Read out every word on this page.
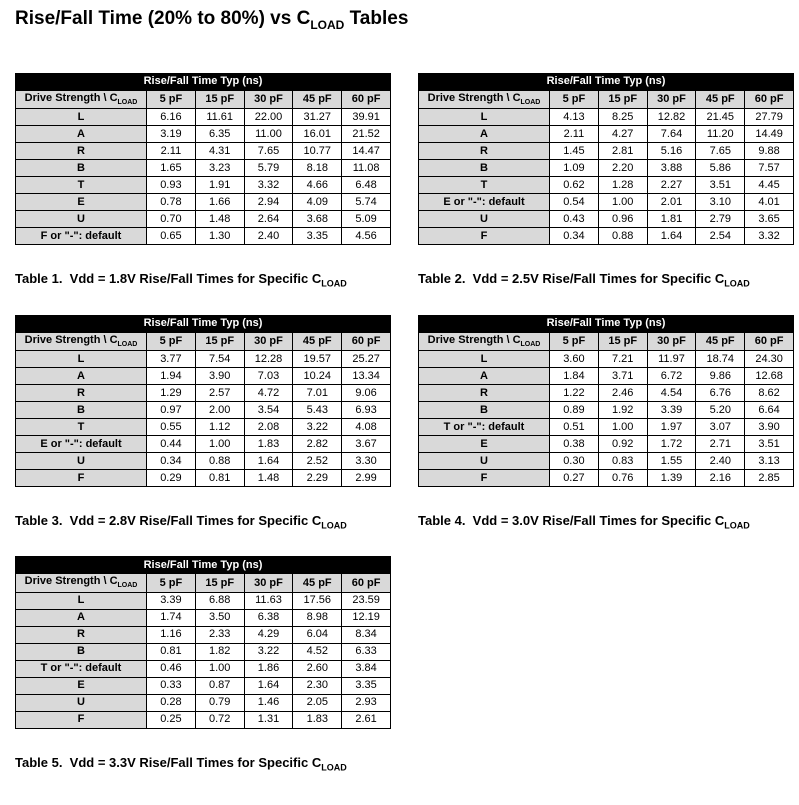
Rise/Fall Time (20% to 80%) vs $C_{LOAD}$ Tables
Rise/Fall Time Typ (ns)					
Drive Strength \ $C_{LOAD}$	5 pF	15 pF	30 pF	45 pF	60 pF
L	6.16	11.61	22.00	31.27	39.91
A	3.19	6.35	11.00	16.01	21.52
R	2.11	4.31	7.65	10.77	14.47
B	1.65	3.23	5.79	8.18	11.08
T	0.93	1.91	3.32	4.66	6.48
E	0.78	1.66	2.94	4.09	5.74
U	0.70	1.48	2.64	3.68	5.09
F or "-": default	0.65	1.30	2.40	3.35	4.56

Table 1.  Vdd = 1.8V Rise/Fall Times for Specific $C_{LOAD}$

Rise/Fall Time Typ (ns)					
Drive Strength \ $C_{LOAD}$	5 pF	15 pF	30 pF	45 pF	60 pF
L	4.13	8.25	12.82	21.45	27.79
A	2.11	4.27	7.64	11.20	14.49
R	1.45	2.81	5.16	7.65	9.88
B	1.09	2.20	3.88	5.86	7.57
T	0.62	1.28	2.27	3.51	4.45
E or "-": default	0.54	1.00	2.01	3.10	4.01
U	0.43	0.96	1.81	2.79	3.65
F	0.34	0.88	1.64	2.54	3.32

Table 2.  Vdd = 2.5V Rise/Fall Times for Specific $C_{LOAD}$

Rise/Fall Time Typ (ns)					
Drive Strength \ $C_{LOAD}$	5 pF	15 pF	30 pF	45 pF	60 pF
L	3.77	7.54	12.28	19.57	25.27
A	1.94	3.90	7.03	10.24	13.34
R	1.29	2.57	4.72	7.01	9.06
B	0.97	2.00	3.54	5.43	6.93
T	0.55	1.12	2.08	3.22	4.08
E or "-": default	0.44	1.00	1.83	2.82	3.67
U	0.34	0.88	1.64	2.52	3.30
F	0.29	0.81	1.48	2.29	2.99

Table 3.  Vdd = 2.8V Rise/Fall Times for Specific $C_{LOAD}$

Rise/Fall Time Typ (ns)					
Drive Strength \ $C_{LOAD}$	5 pF	15 pF	30 pF	45 pF	60 pF
L	3.60	7.21	11.97	18.74	24.30
A	1.84	3.71	6.72	9.86	12.68
R	1.22	2.46	4.54	6.76	8.62
B	0.89	1.92	3.39	5.20	6.64
T or "-": default	0.51	1.00	1.97	3.07	3.90
E	0.38	0.92	1.72	2.71	3.51
U	0.30	0.83	1.55	2.40	3.13
F	0.27	0.76	1.39	2.16	2.85

Table 4.  Vdd = 3.0V Rise/Fall Times for Specific $C_{LOAD}$

Rise/Fall Time Typ (ns)					
Drive Strength \ $C_{LOAD}$	5 pF	15 pF	30 pF	45 pF	60 pF
L	3.39	6.88	11.63	17.56	23.59
A	1.74	3.50	6.38	8.98	12.19
R	1.16	2.33	4.29	6.04	8.34
B	0.81	1.82	3.22	4.52	6.33
T or "-": default	0.46	1.00	1.86	2.60	3.84
E	0.33	0.87	1.64	2.30	3.35
U	0.28	0.79	1.46	2.05	2.93
F	0.25	0.72	1.31	1.83	2.61

Table 5.  Vdd = 3.3V Rise/Fall Times for Specific $C_{LOAD}$
